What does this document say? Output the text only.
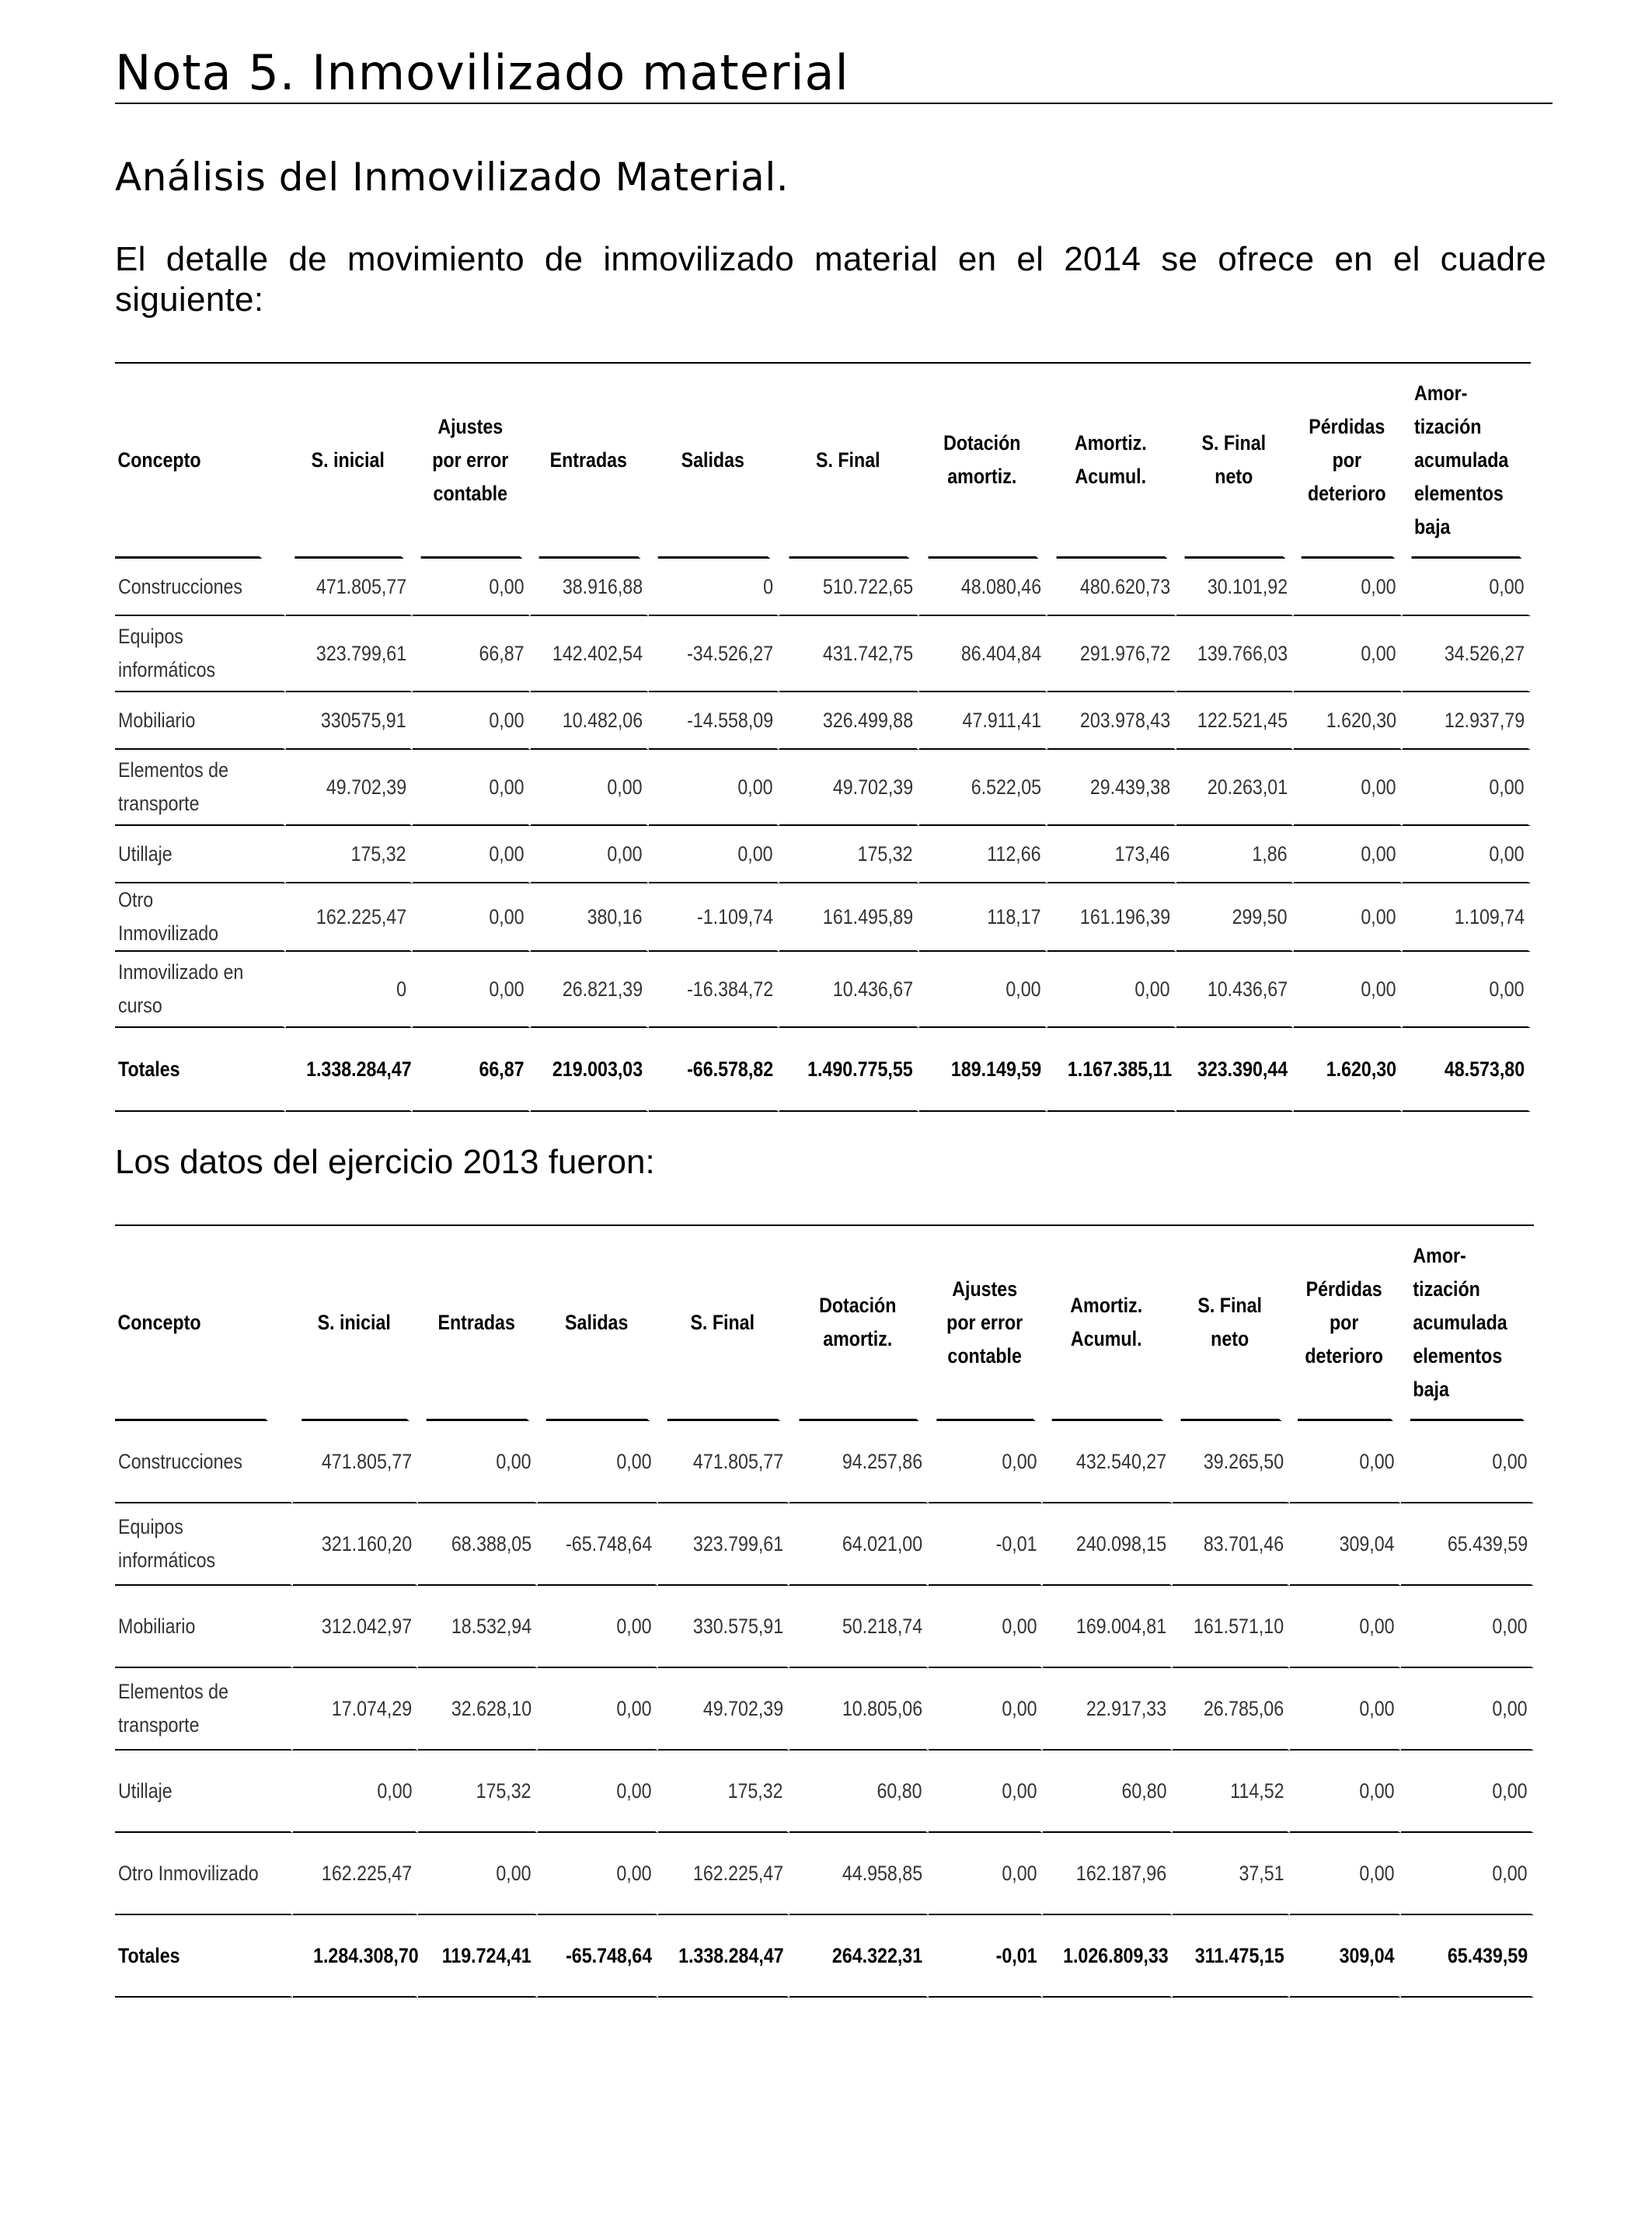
Nota 5. Inmovilizado material
Análisis del Inmovilizado Material.
El detalle de movimiento de inmovilizado material en el 2014 se ofrece en el cuadre siguiente:
Concepto	S. inicial	Ajustes por error contable	Entradas	Salidas	S. Final	Dotación amortiz.	Amortiz. Acumul.	S. Final neto	Pérdidas por deterioro	Amor-tización acumulada elementos baja
Construcciones	471.805,77	0,00	38.916,88	0	510.722,65	48.080,46	480.620,73	30.101,92	0,00	0,00
Equipos informáticos	323.799,61	66,87	142.402,54	-34.526,27	431.742,75	86.404,84	291.976,72	139.766,03	0,00	34.526,27
Mobiliario	330575,91	0,00	10.482,06	-14.558,09	326.499,88	47.911,41	203.978,43	122.521,45	1.620,30	12.937,79
Elementos de transporte	49.702,39	0,00	0,00	0,00	49.702,39	6.522,05	29.439,38	20.263,01	0,00	0,00
Utillaje	175,32	0,00	0,00	0,00	175,32	112,66	173,46	1,86	0,00	0,00
Otro Inmovilizado	162.225,47	0,00	380,16	-1.109,74	161.495,89	118,17	161.196,39	299,50	0,00	1.109,74
Inmovilizado en curso	0	0,00	26.821,39	-16.384,72	10.436,67	0,00	0,00	10.436,67	0,00	0,00
Totales	1.338.284,47	66,87	219.003,03	-66.578,82	1.490.775,55	189.149,59	1.167.385,11	323.390,44	1.620,30	48.573,80
Los datos del ejercicio 2013 fueron:
Concepto	S. inicial	Entradas	Salidas	S. Final	Dotación amortiz.	Ajustes por error contable	Amortiz. Acumul.	S. Final neto	Pérdidas por deterioro	Amor-tización acumulada elementos baja
Construcciones	471.805,77	0,00	0,00	471.805,77	94.257,86	0,00	432.540,27	39.265,50	0,00	0,00
Equipos informáticos	321.160,20	68.388,05	-65.748,64	323.799,61	64.021,00	-0,01	240.098,15	83.701,46	309,04	65.439,59
Mobiliario	312.042,97	18.532,94	0,00	330.575,91	50.218,74	0,00	169.004,81	161.571,10	0,00	0,00
Elementos de transporte	17.074,29	32.628,10	0,00	49.702,39	10.805,06	0,00	22.917,33	26.785,06	0,00	0,00
Utillaje	0,00	175,32	0,00	175,32	60,80	0,00	60,80	114,52	0,00	0,00
Otro Inmovilizado	162.225,47	0,00	0,00	162.225,47	44.958,85	0,00	162.187,96	37,51	0,00	0,00
Totales	1.284.308,70	119.724,41	-65.748,64	1.338.284,47	264.322,31	-0,01	1.026.809,33	311.475,15	309,04	65.439,59
